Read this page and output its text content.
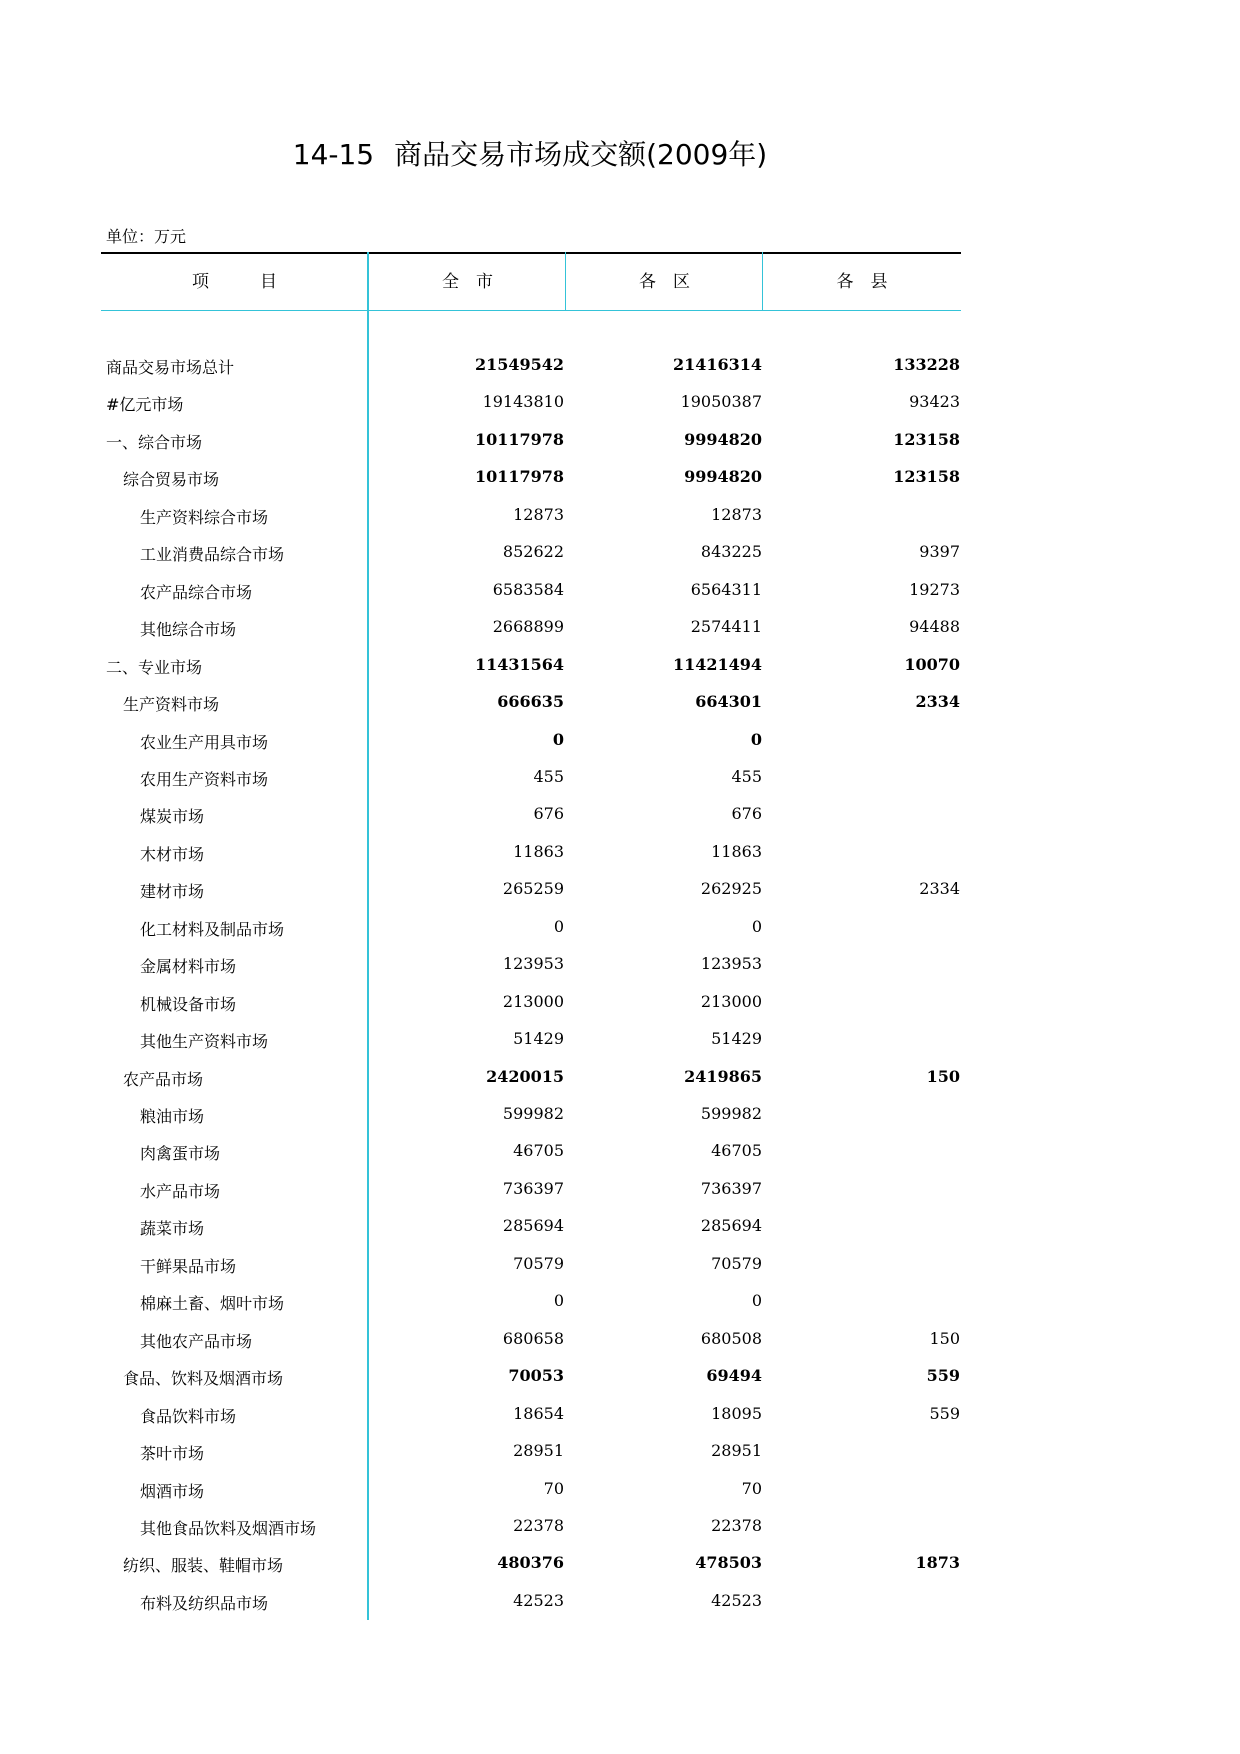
14-15 商品交易市场成交额(2009年)
单位：万元
项　　　目	全　市	各　区	各　县
商品交易市场总计	21549542	21416314	133228
#亿元市场	19143810	19050387	93423
一、综合市场	10117978	9994820	123158
综合贸易市场	10117978	9994820	123158
生产资料综合市场	12873	12873
工业消费品综合市场	852622	843225	9397
农产品综合市场	6583584	6564311	19273
其他综合市场	2668899	2574411	94488
二、专业市场	11431564	11421494	10070
生产资料市场	666635	664301	2334
农业生产用具市场	0	0
农用生产资料市场	455	455
煤炭市场	676	676
木材市场	11863	11863
建材市场	265259	262925	2334
化工材料及制品市场	0	0
金属材料市场	123953	123953
机械设备市场	213000	213000
其他生产资料市场	51429	51429
农产品市场	2420015	2419865	150
粮油市场	599982	599982
肉禽蛋市场	46705	46705
水产品市场	736397	736397
蔬菜市场	285694	285694
干鲜果品市场	70579	70579
棉麻土畜、烟叶市场	0	0
其他农产品市场	680658	680508	150
食品、饮料及烟酒市场	70053	69494	559
食品饮料市场	18654	18095	559
茶叶市场	28951	28951
烟酒市场	70	70
其他食品饮料及烟酒市场	22378	22378
纺织、服装、鞋帽市场	480376	478503	1873
布料及纺织品市场	42523	42523
